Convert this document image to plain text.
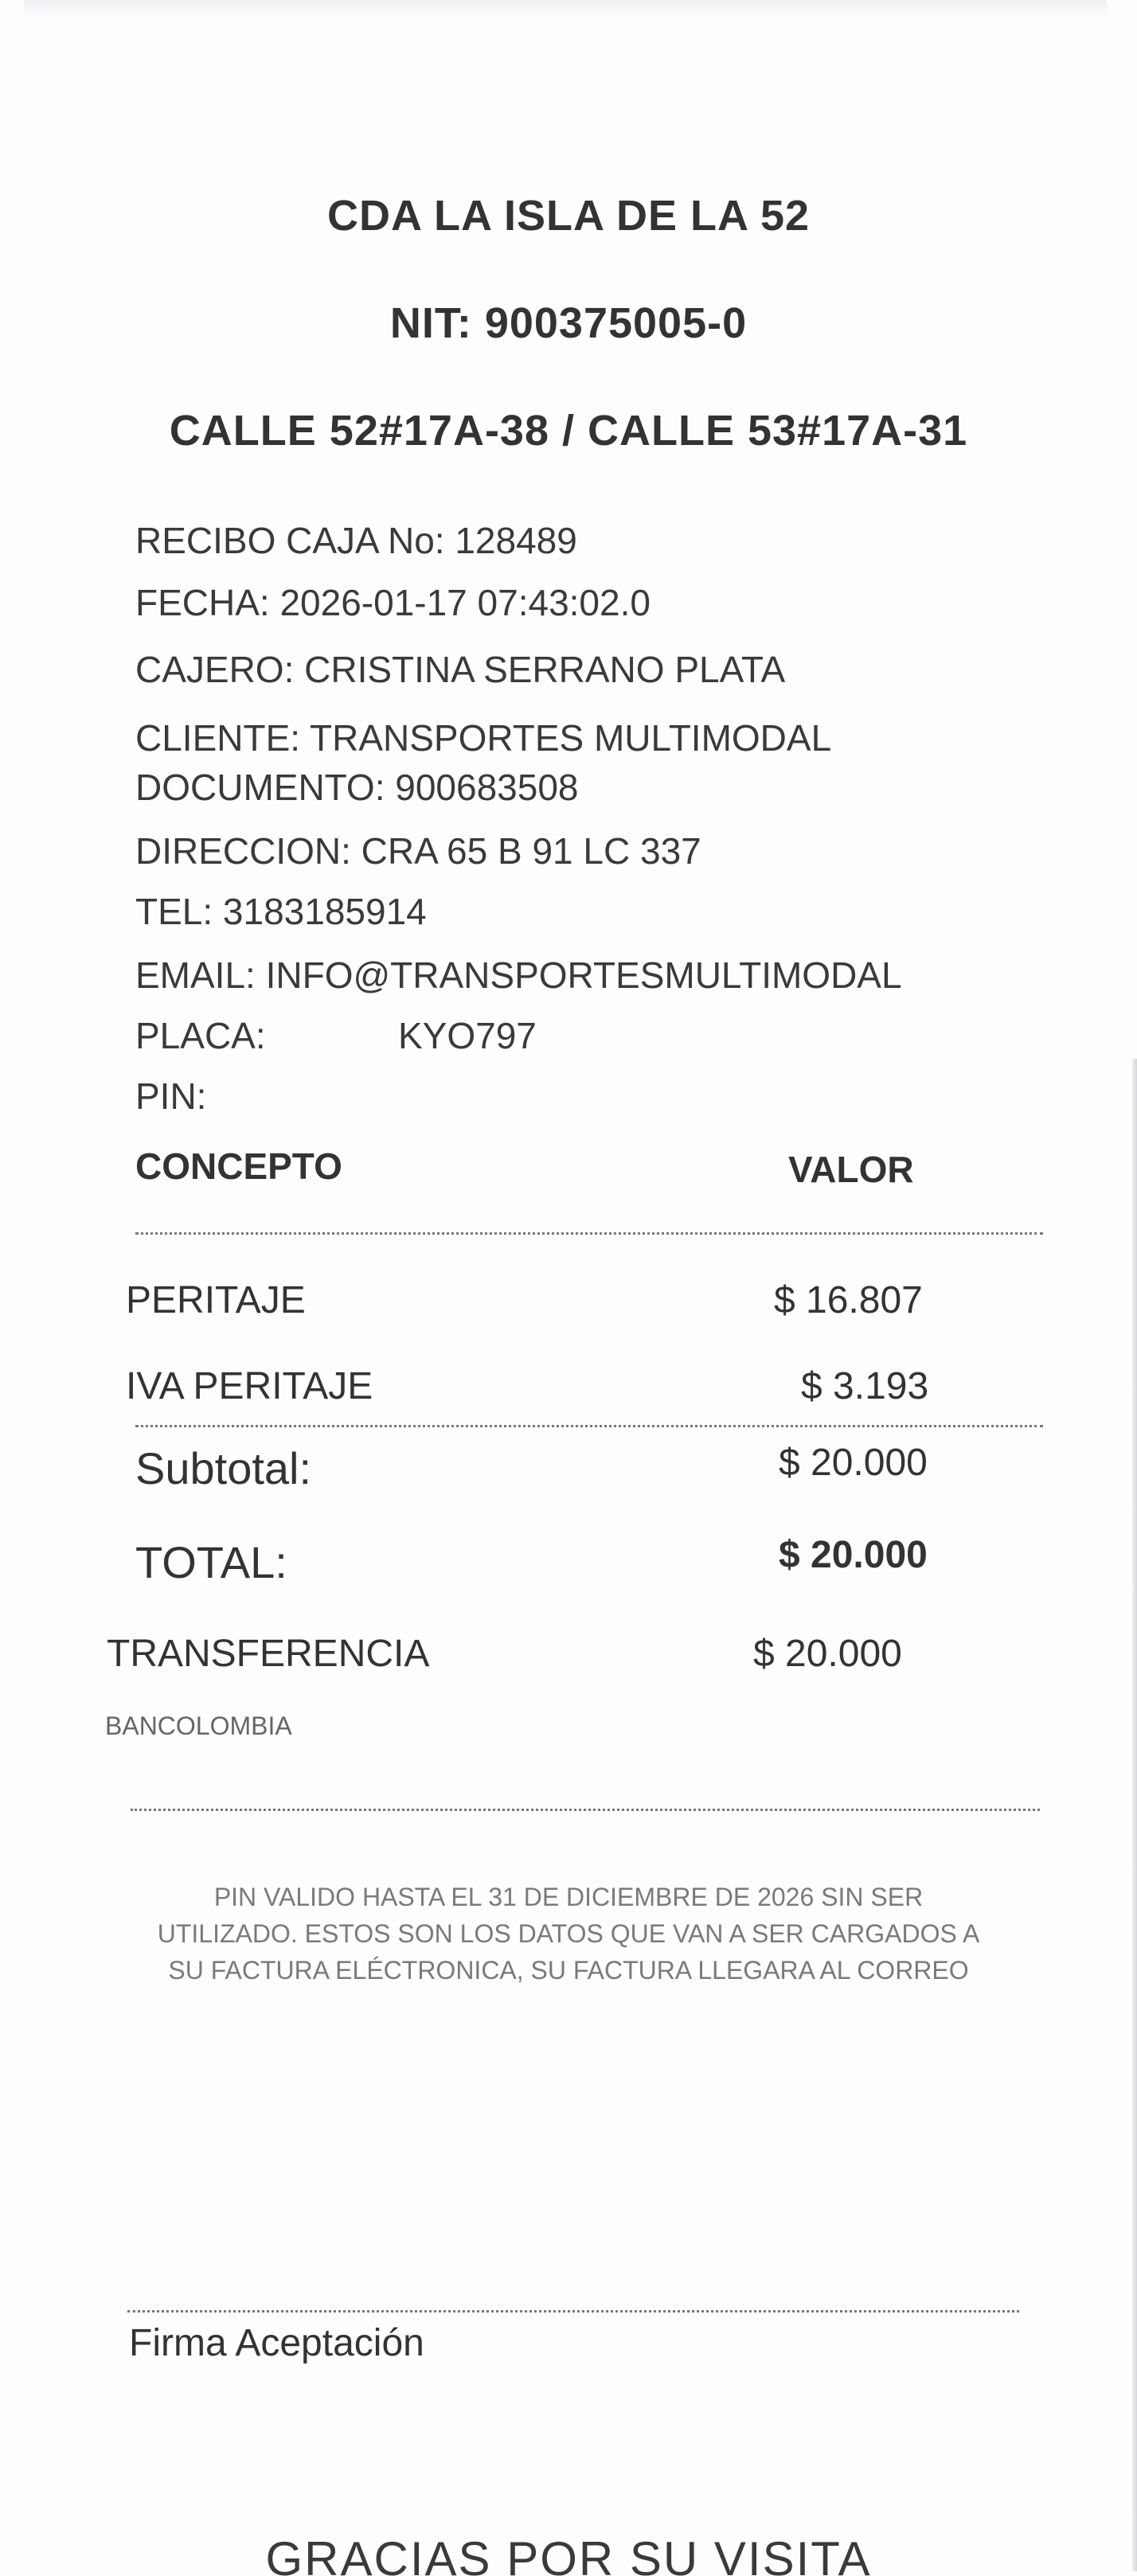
CDA LA ISLA DE LA 52
NIT: 900375005-0
CALLE 52#17A-38 / CALLE 53#17A-31
RECIBO CAJA No: 128489
FECHA: 2026-01-17 07:43:02.0
CAJERO: CRISTINA SERRANO PLATA
CLIENTE: TRANSPORTES MULTIMODAL
DOCUMENTO: 900683508
DIRECCION: CRA 65 B 91 LC 337
TEL: 3183185914
EMAIL: INFO@TRANSPORTESMULTIMODAL
PLACA:	KYO797
PIN:
CONCEPTO	VALOR
PERITAJE	$ 16.807
IVA PERITAJE	$ 3.193
Subtotal:	$ 20.000
TOTAL:	$ 20.000
TRANSFERENCIA	$ 20.000
BANCOLOMBIA
PIN VALIDO HASTA EL 31 DE DICIEMBRE DE 2026 SIN SER
UTILIZADO. ESTOS SON LOS DATOS QUE VAN A SER CARGADOS A
SU FACTURA ELÉCTRONICA, SU FACTURA LLEGARA AL CORREO
Firma Aceptación
GRACIAS POR SU VISITA
